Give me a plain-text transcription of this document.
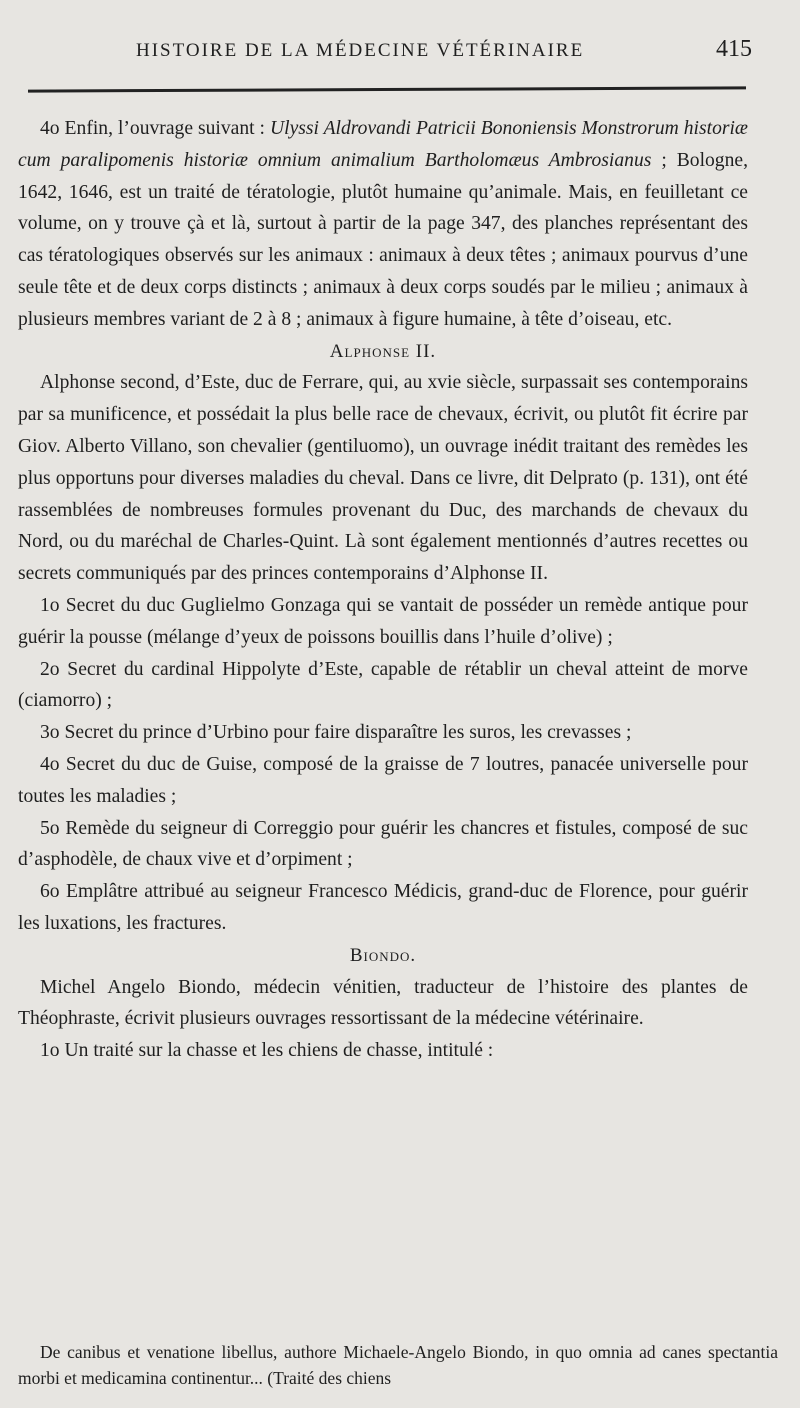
HISTOIRE DE LA MÉDECINE VÉTÉRINAIRE	415

4o Enfin, l’ouvrage suivant : Ulyssi Aldrovandi Patricii Bononiensis Monstrorum historiæ cum paralipomenis historiæ omnium animalium Bartholomæus Ambrosianus ; Bologne, 1642, 1646, est un traité de tératologie, plutôt humaine qu’animale. Mais, en feuilletant ce volume, on y trouve çà et là, surtout à partir de la page 347, des planches représentant des cas tératologiques observés sur les animaux : animaux à deux têtes ; animaux pourvus d’une seule tête et de deux corps distincts ; animaux à deux corps soudés par le milieu ; animaux à plusieurs membres variant de 2 à 8 ; animaux à figure humaine, à tête d’oiseau, etc.

Alphonse II.

Alphonse second, d’Este, duc de Ferrare, qui, au xvie siècle, surpassait ses contemporains par sa munificence, et possédait la plus belle race de chevaux, écrivit, ou plutôt fit écrire par Giov. Alberto Villano, son chevalier (gentiluomo), un ouvrage inédit traitant des remèdes les plus opportuns pour diverses maladies du cheval. Dans ce livre, dit Delprato (p. 131), ont été rassemblées de nombreuses formules provenant du Duc, des marchands de chevaux du Nord, ou du maréchal de Charles-Quint. Là sont également mentionnés d’autres recettes ou secrets communiqués par des princes contemporains d’Alphonse II.

1o Secret du duc Guglielmo Gonzaga qui se vantait de posséder un remède antique pour guérir la pousse (mélange d’yeux de poissons bouillis dans l’huile d’olive) ;

2o Secret du cardinal Hippolyte d’Este, capable de rétablir un cheval atteint de morve (ciamorro) ;

3o Secret du prince d’Urbino pour faire disparaître les suros, les crevasses ;

4o Secret du duc de Guise, composé de la graisse de 7 loutres, panacée universelle pour toutes les maladies ;

5o Remède du seigneur di Correggio pour guérir les chancres et fistules, composé de suc d’asphodèle, de chaux vive et d’orpiment ;

6o Emplâtre attribué au seigneur Francesco Médicis, grand-duc de Florence, pour guérir les luxations, les fractures.

Biondo.

Michel Angelo Biondo, médecin vénitien, traducteur de l’histoire des plantes de Théophraste, écrivit plusieurs ouvrages ressortissant de la médecine vétérinaire.

1o Un traité sur la chasse et les chiens de chasse, intitulé :

De canibus et venatione libellus, authore Michaele-Angelo Biondo, in quo omnia ad canes spectantia morbi et medicamina continentur... (Traité des chiens
